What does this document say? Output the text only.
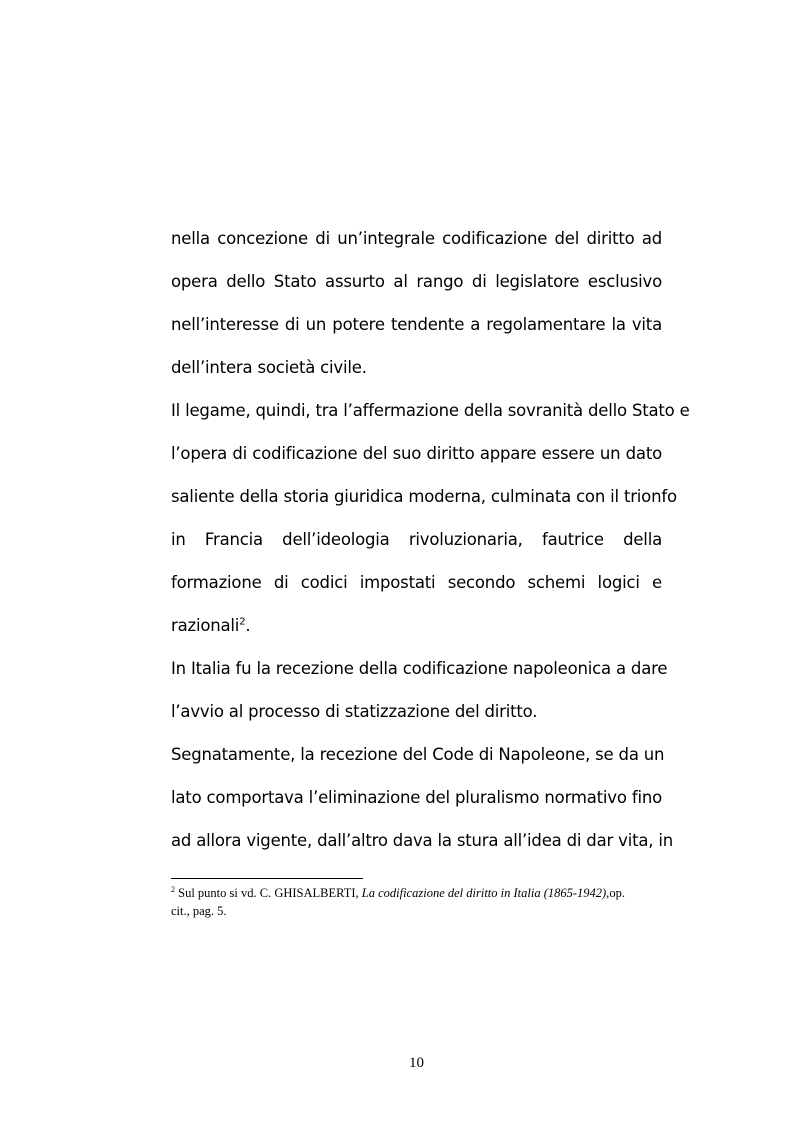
nella concezione di un’integrale codificazione del diritto ad
opera dello Stato assurto al rango di legislatore esclusivo
nell’interesse di un potere tendente a regolamentare la vita
dell’intera società civile.
Il legame, quindi, tra l’affermazione della sovranità dello Stato e
l’opera di codificazione del suo diritto appare essere un dato
saliente della storia giuridica moderna, culminata con il trionfo
in Francia dell’ideologia rivoluzionaria, fautrice della
formazione di codici impostati secondo schemi logici e
razionali$^2$.
In Italia fu la recezione della codificazione napoleonica a dare
l’avvio al processo di statizzazione del diritto.
Segnatamente, la recezione del Code di Napoleone, se da un
lato comportava l’eliminazione del pluralismo normativo fino
ad allora vigente, dall’altro dava la stura all’idea di dar vita, in
$^2$ Sul punto si vd. C. GHISALBERTI, La codificazione del diritto in Italia (1865-1942),op.
cit., pag. 5.
10
